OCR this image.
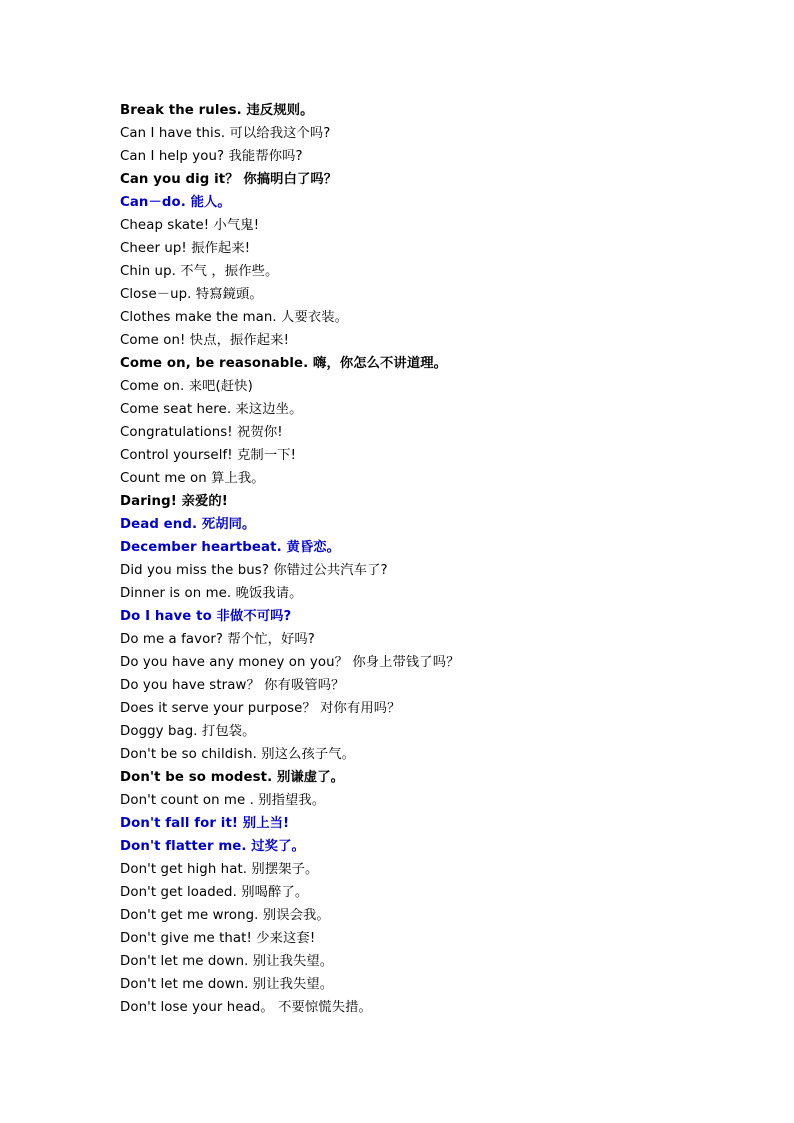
Break the rules. 违反规则。
Can I have this. 可以给我这个吗?
Can I help you? 我能帮你吗?
Can you dig it？ 你搞明白了吗？
Can－do. 能人。
Cheap skate! 小气鬼!
Cheer up! 振作起来!
Chin up. 不气 ，振作些。
Close－up. 特寫鏡頭。
Clothes make the man. 人要衣装。
Come on! 快点，振作起来!
Come on, be reasonable. 嗨，你怎么不讲道理。
Come on. 来吧(赶快)
Come seat here. 来这边坐。
Congratulations! 祝贺你!
Control yourself! 克制一下!
Count me on 算上我。
Daring! 亲爱的!
Dead end. 死胡同。
December heartbeat. 黄昏恋。
Did you miss the bus? 你错过公共汽车了?
Dinner is on me. 晚饭我请。
Do I have to 非做不可吗?
Do me a favor? 帮个忙，好吗?
Do you have any money on you？ 你身上带钱了吗？
Do you have straw？ 你有吸管吗？
Does it serve your purpose？ 对你有用吗？
Doggy bag. 打包袋。
Don't be so childish. 别这么孩子气。
Don't be so modest. 别谦虚了。
Don't count on me . 别指望我。
Don't fall for it! 别上当!
Don't flatter me. 过奖了。
Don't get high hat. 别摆架子。
Don't get loaded. 别喝醉了。
Don't get me wrong. 别误会我。
Don't give me that! 少来这套!
Don't let me down. 别让我失望。
Don't let me down. 别让我失望。
Don't lose your head。 不要惊慌失措。
